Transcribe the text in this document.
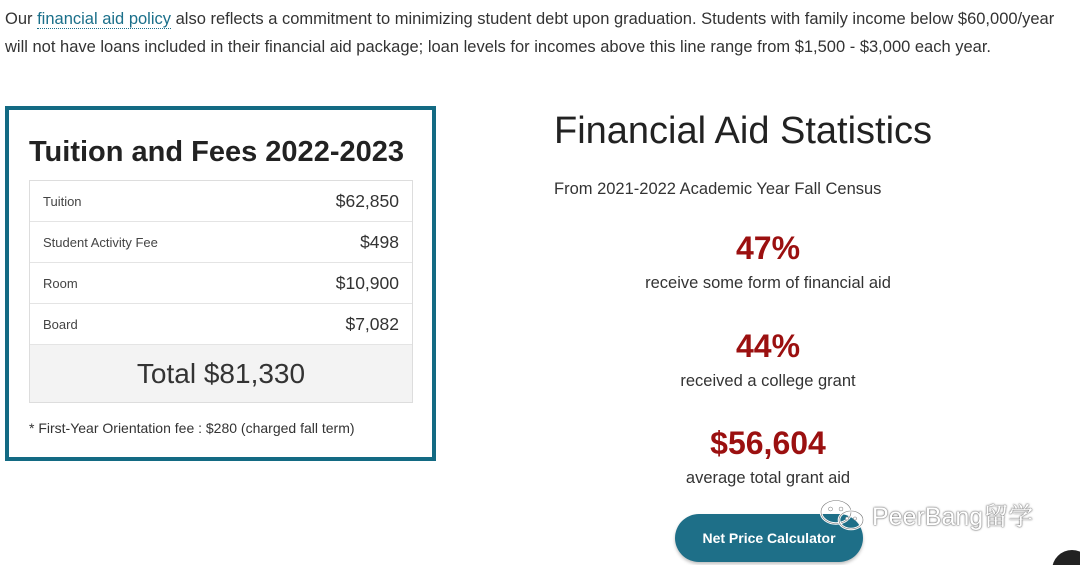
Our financial aid policy also reflects a commitment to minimizing student debt upon graduation. Students with family income below $60,000/year will not have loans included in their financial aid package; loan levels for incomes above this line range from $1,500 - $3,000 each year.

Tuition and Fees 2022-2023
Tuition	$62,850
Student Activity Fee	$498
Room	$10,900
Board	$7,082
Total $81,330

* First-Year Orientation fee : $280 (charged fall term)

Financial Aid Statistics

From 2021-2022 Academic Year Fall Census

47%
receive some form of financial aid
44%
received a college grant
$56,604
average total grant aid
Net Price Calculator
PeerBang留学
